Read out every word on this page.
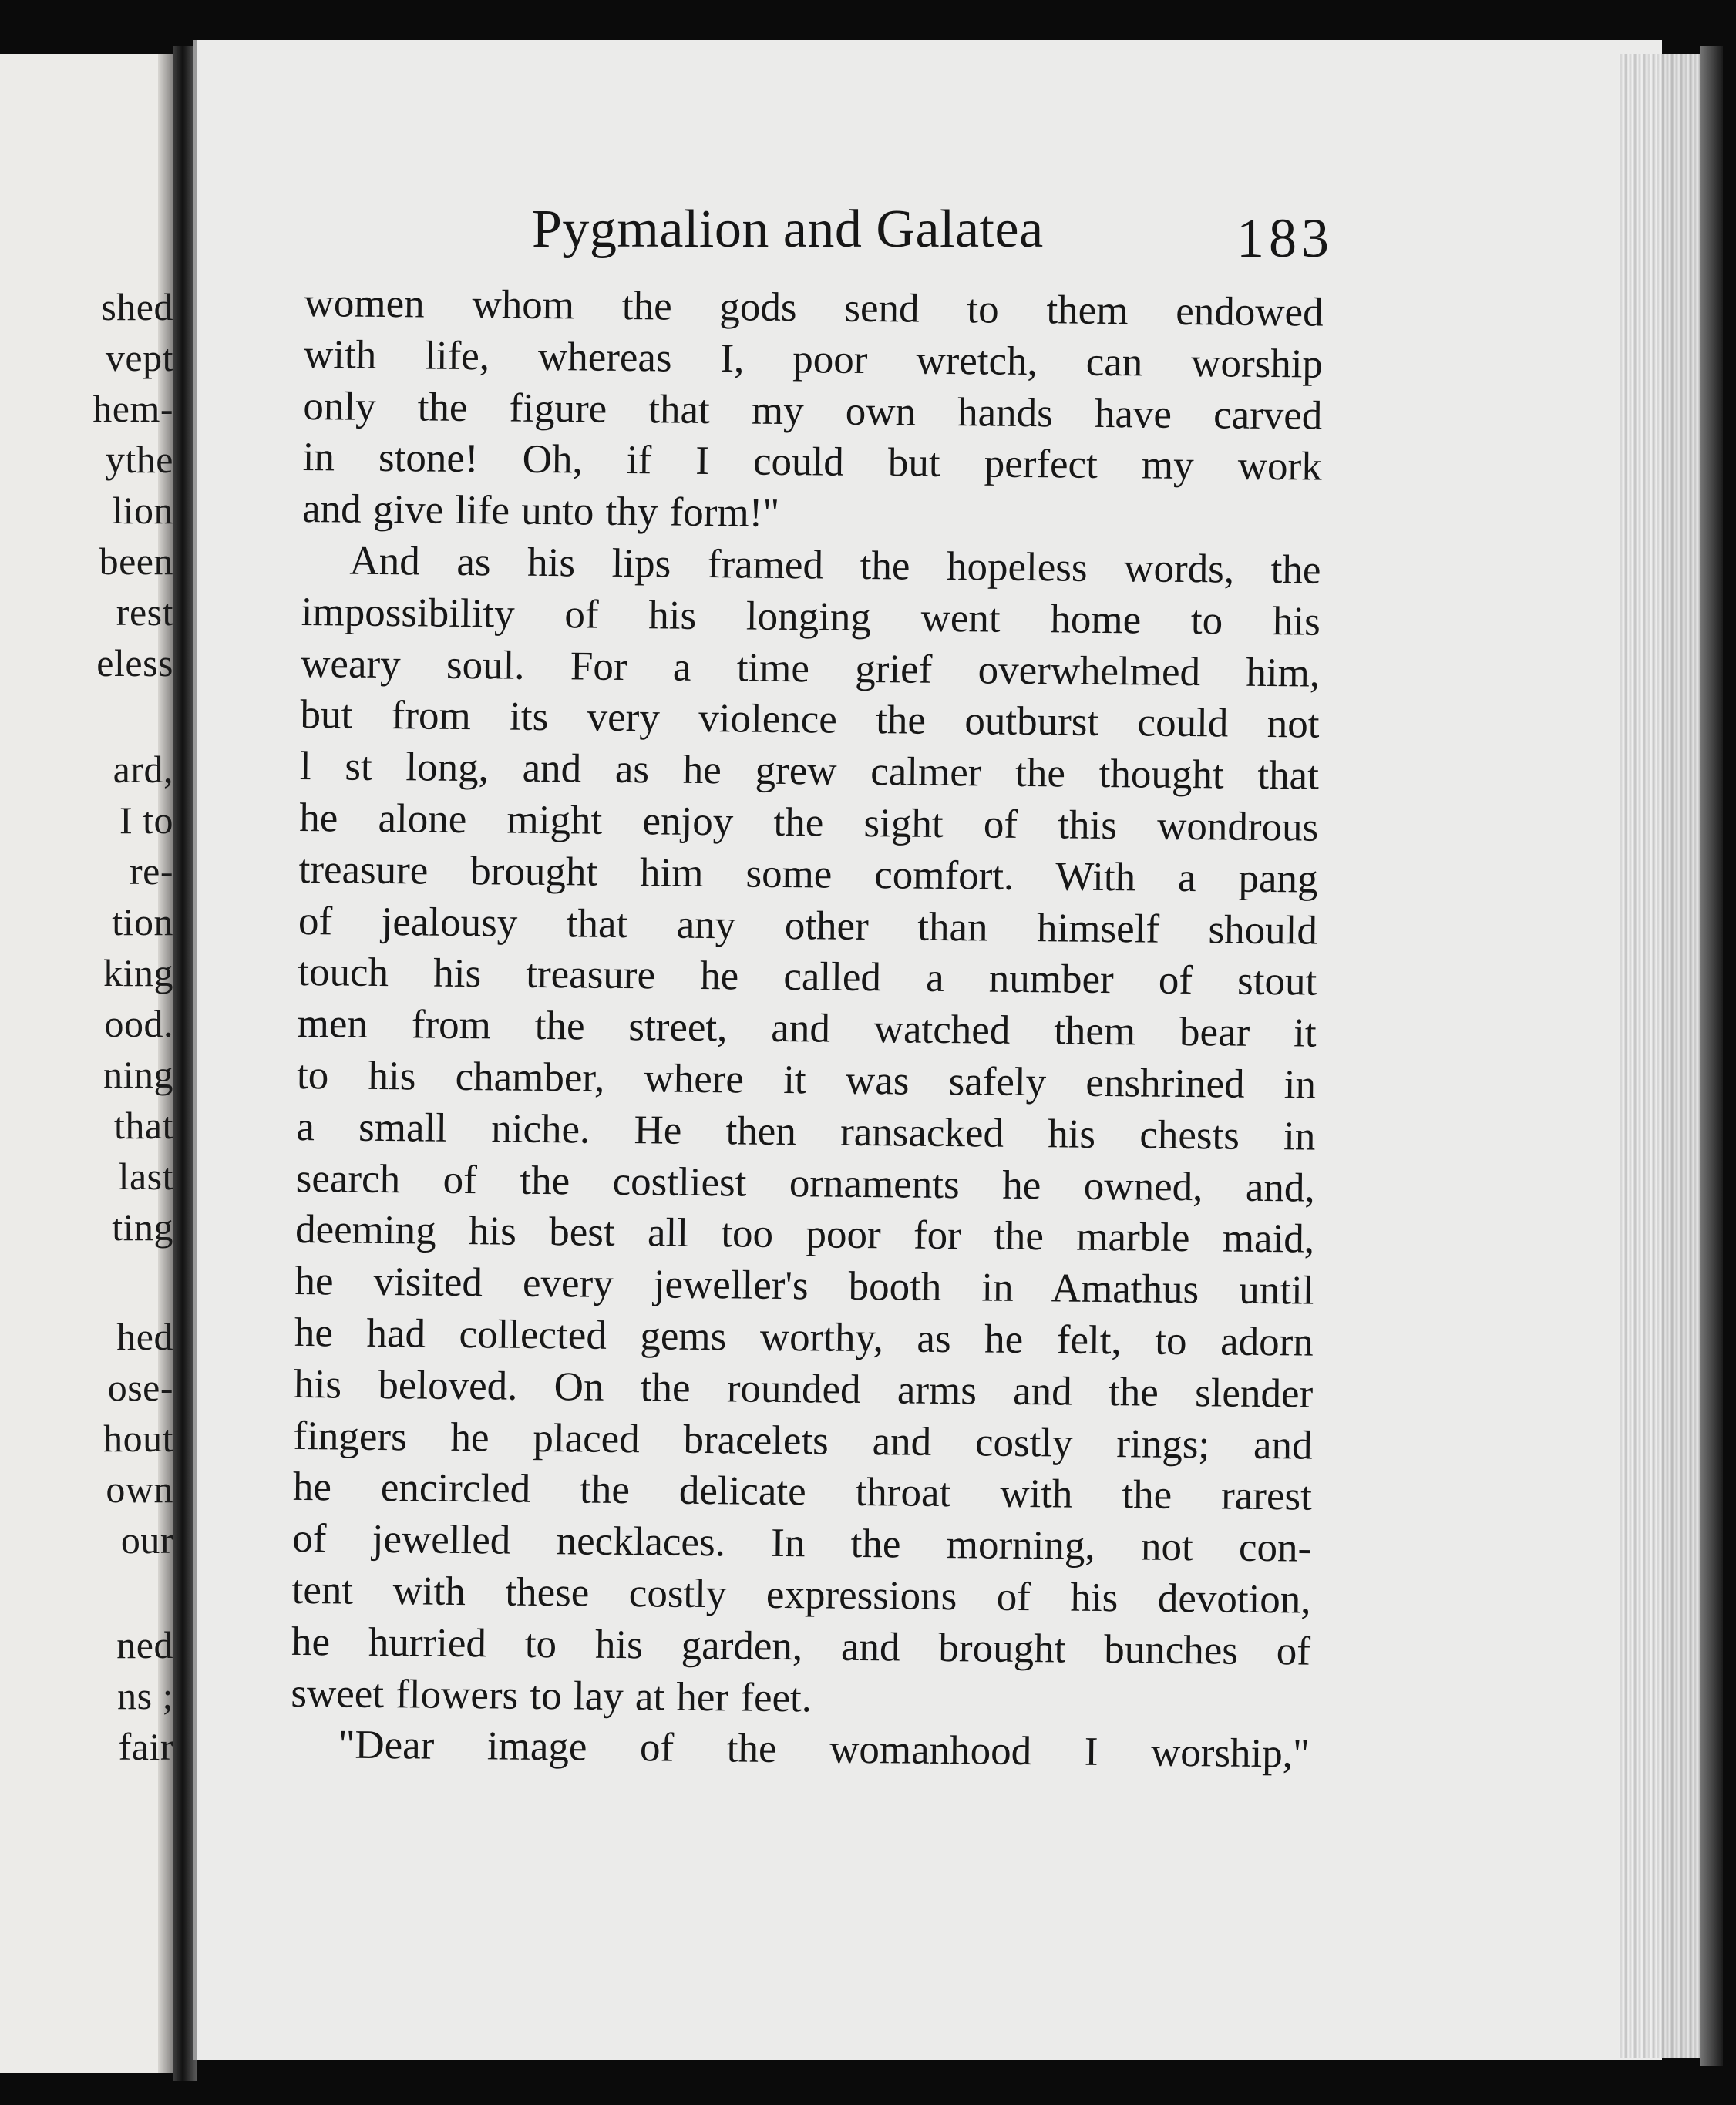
shed
vept
hem-
ythe
lion
been
rest
eless
ard,
I to
re-
tion
king
ood.
ning
that
last
ting
hed
ose-
hout
own
our
ned
ns ;
fair
Pygmalion and Galatea	183
women whom the gods send to them endowed
with life, whereas I, poor wretch, can worship
only the figure that my own hands have carved
in stone! Oh, if I could but perfect my work
and give life unto thy form!"
And as his lips framed the hopeless words, the
impossibility of his longing went home to his
weary soul. For a time grief overwhelmed him,
but from its very violence the outburst could not
l st long, and as he grew calmer the thought that
he alone might enjoy the sight of this wondrous
treasure brought him some comfort. With a pang
of jealousy that any other than himself should
touch his treasure he called a number of stout
men from the street, and watched them bear it
to his chamber, where it was safely enshrined in
a small niche. He then ransacked his chests in
search of the costliest ornaments he owned, and,
deeming his best all too poor for the marble maid,
he visited every jeweller's booth in Amathus until
he had collected gems worthy, as he felt, to adorn
his beloved. On the rounded arms and the slender
fingers he placed bracelets and costly rings; and
he encircled the delicate throat with the rarest
of jewelled necklaces. In the morning, not con-
tent with these costly expressions of his devotion,
he hurried to his garden, and brought bunches of
sweet flowers to lay at her feet.
"Dear image of the womanhood I worship,"
